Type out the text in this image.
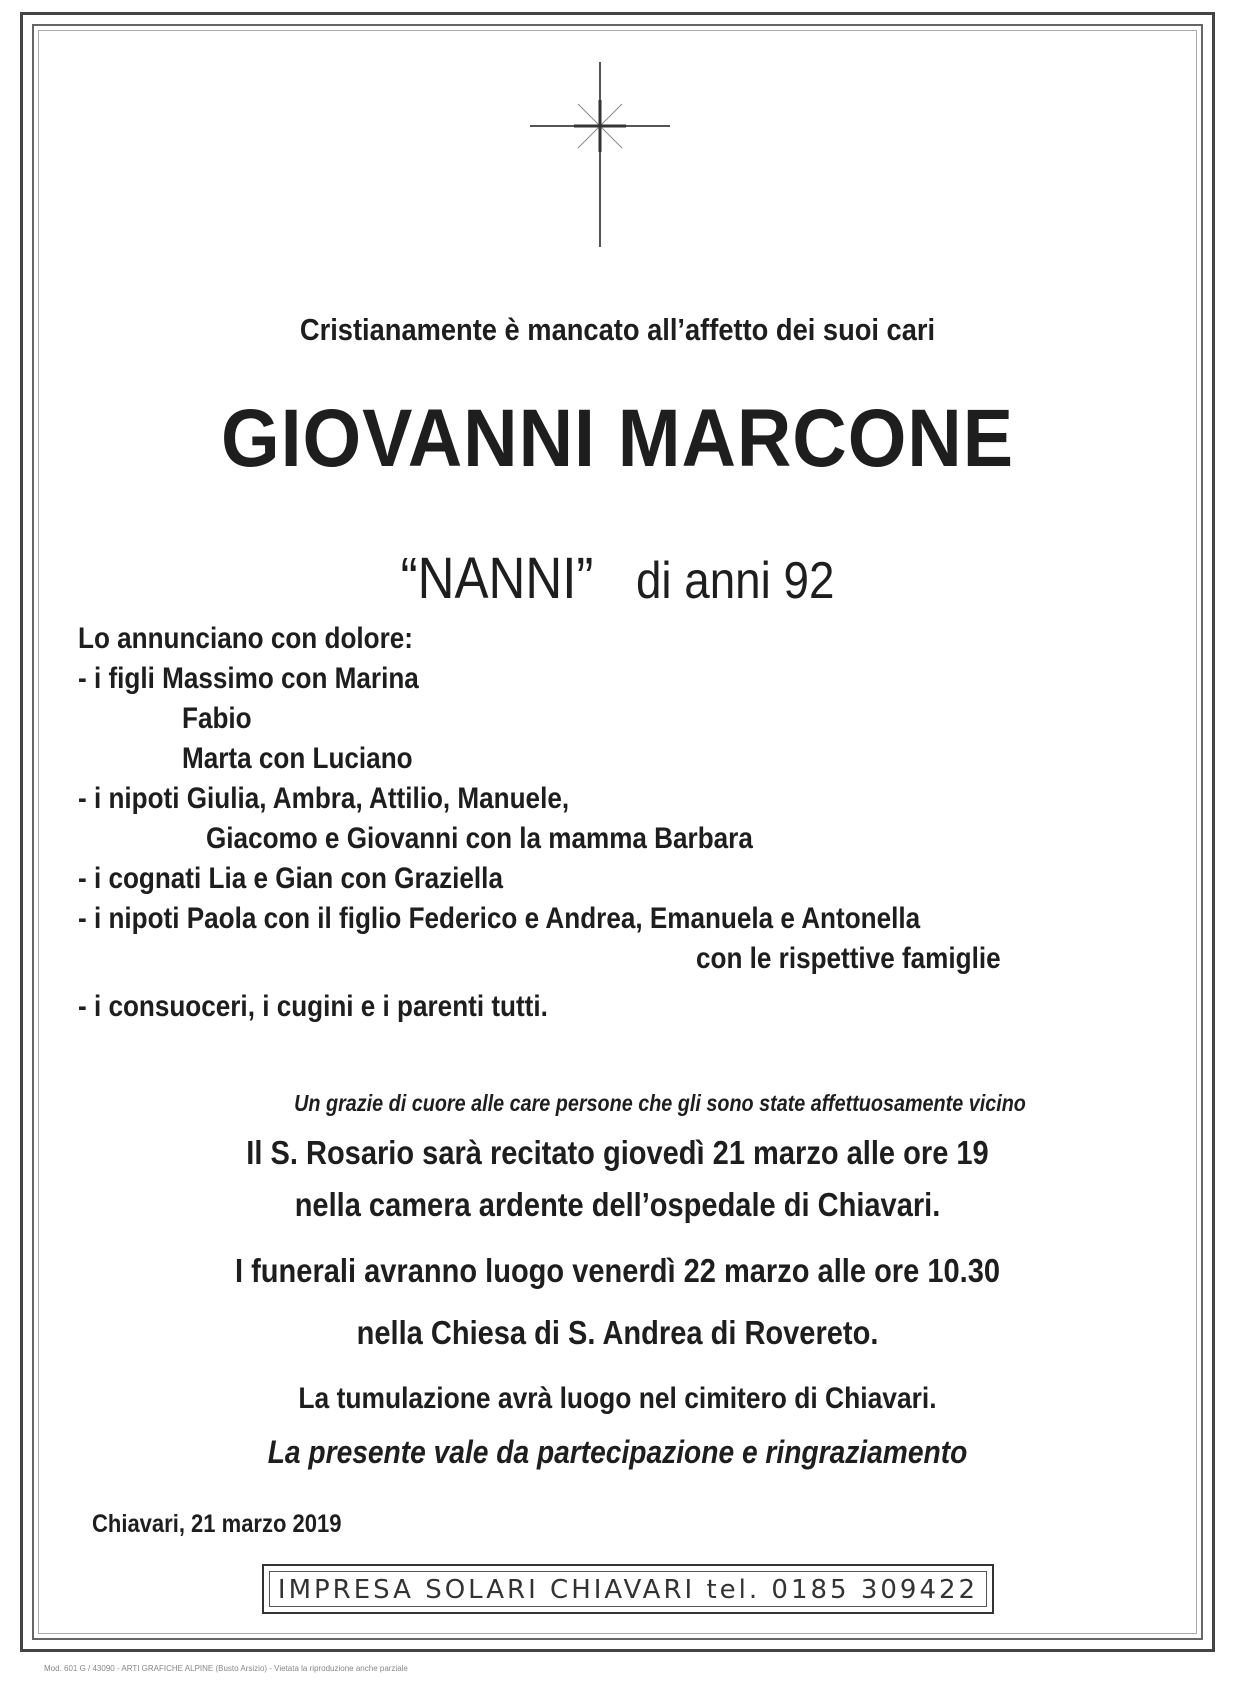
Cristianamente è mancato all’affetto dei suoi cari
GIOVANNI MARCONE
“NANNI” di anni 92
Lo annunciano con dolore:
- i figli Massimo con Marina
Fabio
Marta con Luciano
- i nipoti Giulia, Ambra, Attilio, Manuele,
Giacomo e Giovanni con la mamma Barbara
- i cognati Lia e Gian con Graziella
- i nipoti Paola con il figlio Federico e Andrea, Emanuela e Antonella
con le rispettive famiglie
- i consuoceri, i cugini e i parenti tutti.
Un grazie di cuore alle care persone che gli sono state affettuosamente vicino
Il S. Rosario sarà recitato giovedì 21 marzo alle ore 19
nella camera ardente dell’ospedale di Chiavari.
I funerali avranno luogo venerdì 22 marzo alle ore 10.30
nella Chiesa di S. Andrea di Rovereto.
La tumulazione avrà luogo nel cimitero di Chiavari.
La presente vale da partecipazione e ringraziamento
Chiavari, 21 marzo 2019
IMPRESA SOLARI CHIAVARI tel. 0185 309422
Mod. 601 G / 43090 - ARTI GRAFICHE ALPINE (Busto Arsizio) - Vietata la riproduzione anche parziale
